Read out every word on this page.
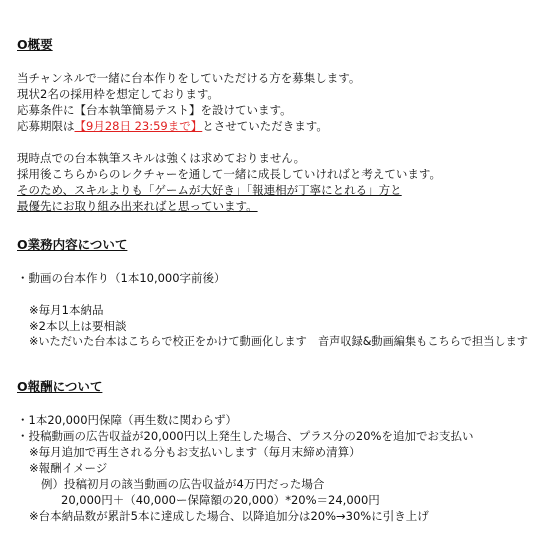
O概要
当チャンネルで一緒に台本作りをしていただける方を募集します。
現状2名の採用枠を想定しております。
応募条件に【台本執筆簡易テスト】を設けています。
応募期限は【9月28日 23:59まで】とさせていただきます。
現時点での台本執筆スキルは強くは求めておりません。
採用後こちらからのレクチャーを通して一緒に成長していければと考えています。
そのため、スキルよりも「ゲームが大好き」「報連相が丁寧にとれる」方と
最優先にお取り組み出来ればと思っています。
O業務内容について
・動画の台本作り（1本10,000字前後）
※毎月1本納品
※2本以上は要相談
※いただいた台本はこちらで校正をかけて動画化します　音声収録&動画編集もこちらで担当します
O報酬について
・1本20,000円保障（再生数に関わらず）
・投稿動画の広告収益が20,000円以上発生した場合、プラス分の20%を追加でお支払い
※毎月追加で再生される分もお支払いします（毎月末締め清算）
※報酬イメージ
例）投稿初月の該当動画の広告収益が4万円だった場合
20,000円＋（40,000ー保障額の20,000）*20%＝24,000円
※台本納品数が累計5本に達成した場合、以降追加分は20%→30%に引き上げ
